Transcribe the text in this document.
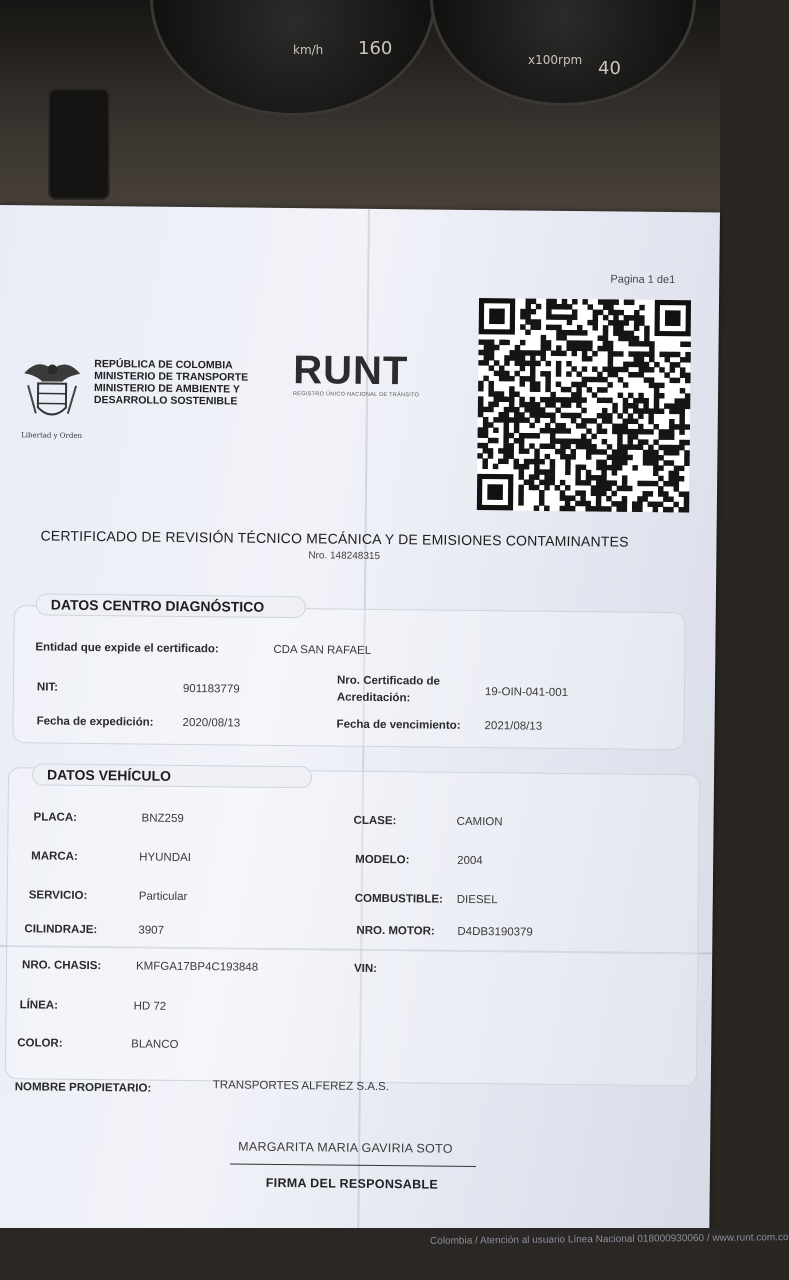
km/h 160
x100rpm 40
Pagina 1 de1
Libertad y Orden
REPÚBLICA DE COLOMBIA
MINISTERIO DE TRANSPORTE
MINISTERIO DE AMBIENTE Y
DESARROLLO SOSTENIBLE
RUNT
REGISTRO ÚNICO NACIONAL DE TRÁNSITO
CERTIFICADO DE REVISIÓN TÉCNICO MECÁNICA Y DE EMISIONES CONTAMINANTES
Nro. 148248315
DATOS CENTRO DIAGNÓSTICO
Entidad que expide el certificado:	CDA SAN RAFAEL
NIT:	901183779
Nro. Certificado de
Acreditación:	19-OIN-041-001
Fecha de expedición:	2020/08/13	Fecha de vencimiento: 2021/08/13
DATOS VEHÍCULO
PLACA:	BNZ259	CLASE:	CAMION
MARCA:	HYUNDAI	MODELO:	2004
SERVICIO:	Particular	COMBUSTIBLE: DIESEL
CILINDRAJE:	3907	NRO. MOTOR: D4DB3190379
NRO. CHASIS:	KMFGA17BP4C193848	VIN:
LÍNEA:	HD 72
COLOR:	BLANCO
NOMBRE PROPIETARIO:	TRANSPORTES ALFEREZ S.A.S.
MARGARITA MARIA GAVIRIA SOTO
FIRMA DEL RESPONSABLE
Colombia / Atención al usuario Línea Nacional 018000930060 / www.runt.com.co
